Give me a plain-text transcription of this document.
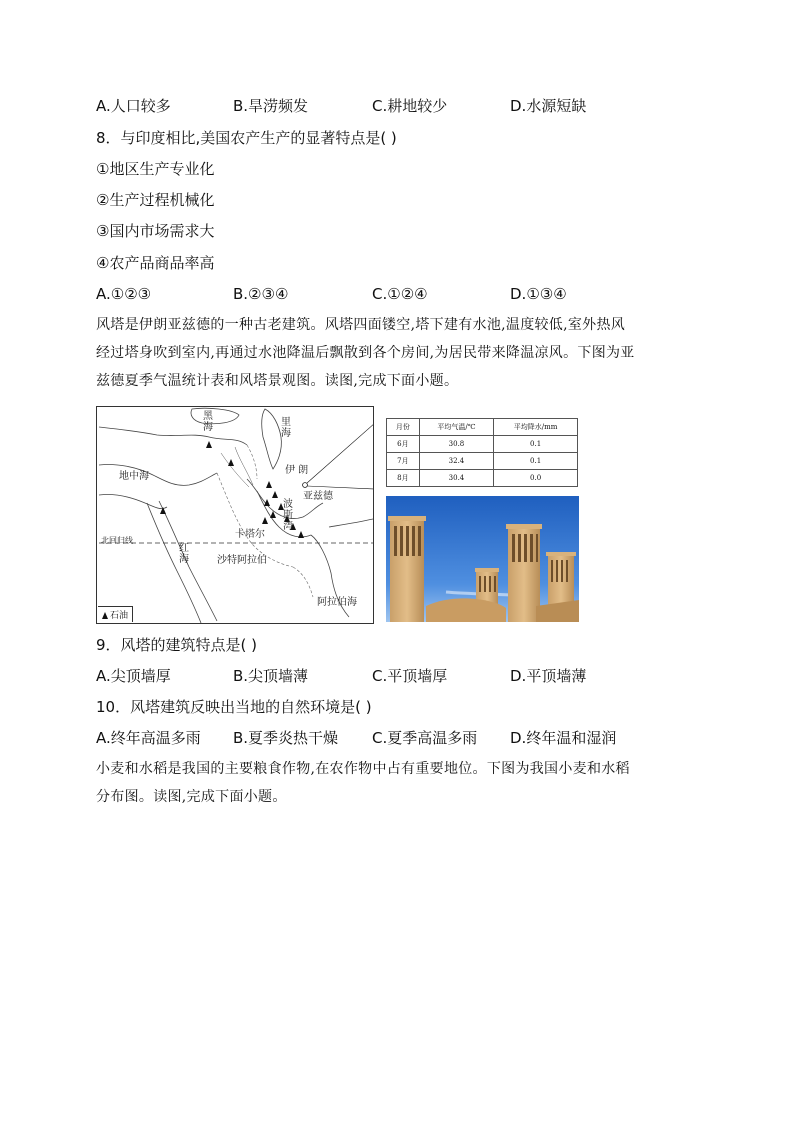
A.人口较多	B.旱涝频发	C.耕地较少	D.水源短缺
8．与印度相比,美国农产生产的显著特点是( )
①地区生产专业化
②生产过程机械化
③国内市场需求大
④农产品商品率高
A.①②③	B.②③④	C.①②④	D.①③④
风塔是伊朗亚兹德的一种古老建筑。风塔四面镂空,塔下建有水池,温度较低,室外热风
经过塔身吹到室内,再通过水池降温后飘散到各个房间,为居民带来降温凉风。下图为亚
兹德夏季气温统计表和风塔景观图。读图,完成下面小题。
黑海	里海
地中海
伊 朗
亚兹德
波斯湾
卡塔尔
北回归线
沙特阿拉伯
红海
阿拉伯海
石油
月份	平均气温/℃	平均降水/mm
6月	30.8	0.1
7月	32.4	0.1
8月	30.4	0.0
9．风塔的建筑特点是( )
A.尖顶墙厚	B.尖顶墙薄	C.平顶墙厚	D.平顶墙薄
10．风塔建筑反映出当地的自然环境是( )
A.终年高温多雨 B.夏季炎热干燥 C.夏季高温多雨 D.终年温和湿润
小麦和水稻是我国的主要粮食作物,在农作物中占有重要地位。下图为我国小麦和水稻
分布图。读图,完成下面小题。
